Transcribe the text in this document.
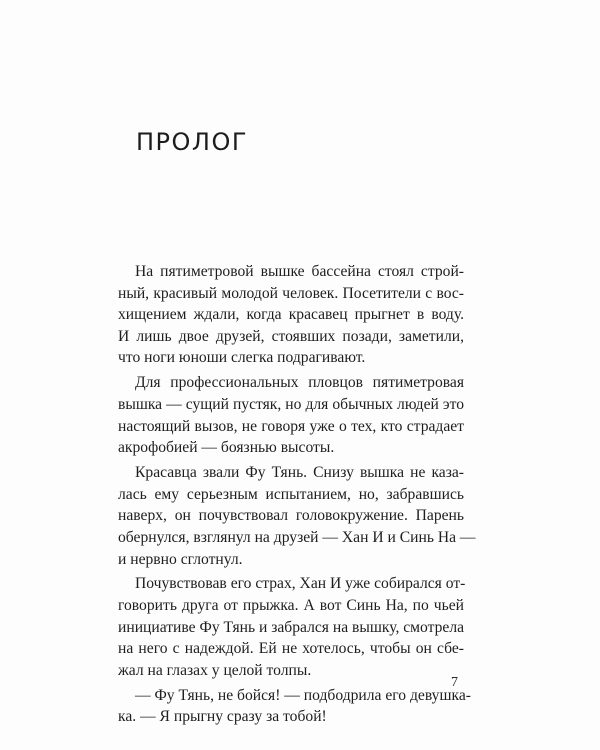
ПРОЛОГ

На пятиметровой вышке бассейна стоял строй-
ный, красивый молодой человек. Посетители с вос-
хищением ждали, когда красавец прыгнет в воду.
И лишь двое друзей, стоявших позади, заметили,
что ноги юноши слегка подрагивают.

Для профессиональных пловцов пятиметровая
вышка — сущий пустяк, но для обычных людей это
настоящий вызов, не говоря уже о тех, кто страдает
акрофобией — боязнью высоты.

Красавца звали Фу Тянь. Снизу вышка не каза-
лась ему серьезным испытанием, но, забравшись
наверх, он почувствовал головокружение. Парень
обернулся, взглянул на друзей — Хан И и Синь На —
и нервно сглотнул.

Почувствовав его страх, Хан И уже собирался от-
говорить друга от прыжка. А вот Синь На, по чьей
инициативе Фу Тянь и забрался на вышку, смотрела
на него с надеждой. Ей не хотелось, чтобы он сбе-
жал на глазах у целой толпы.

— Фу Тянь, не бойся! — подбодрила его девушка-
ка. — Я прыгну сразу за тобой!

7
